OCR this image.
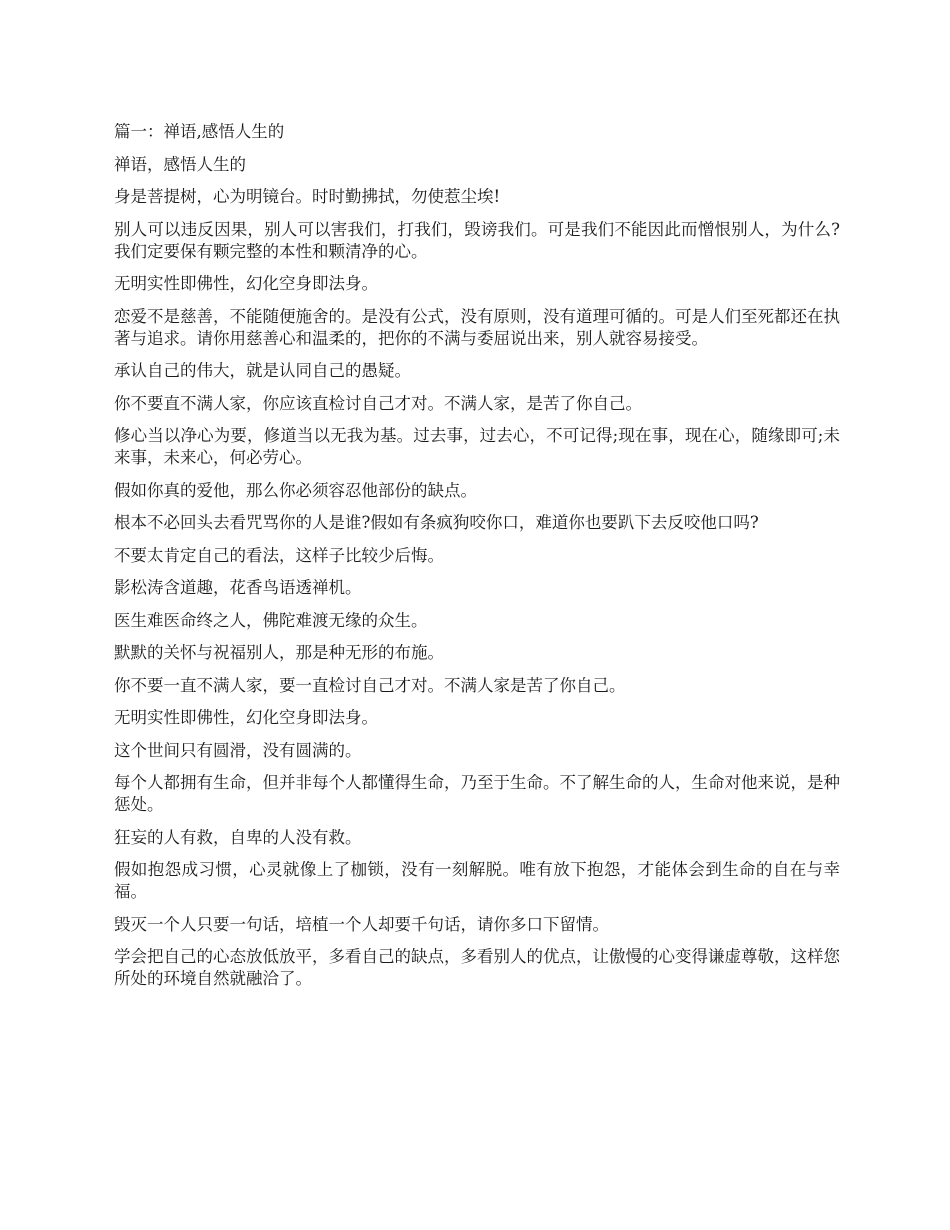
篇一：禅语,感悟人生的

禅语，感悟人生的

身是菩提树，心为明镜台。时时勤拂拭，勿使惹尘埃!

别人可以违反因果，别人可以害我们，打我们，毁谤我们。可是我们不能因此而憎恨别人，为什么?我们定要保有颗完整的本性和颗清净的心。

无明实性即佛性，幻化空身即法身。

恋爱不是慈善，不能随便施舍的。是没有公式，没有原则，没有道理可循的。可是人们至死都还在执著与追求。请你用慈善心和温柔的，把你的不满与委屈说出来，别人就容易接受。

承认自己的伟大，就是认同自己的愚疑。

你不要直不满人家，你应该直检讨自己才对。不满人家，是苦了你自己。

修心当以净心为要，修道当以无我为基。过去事，过去心，不可记得;现在事，现在心，随缘即可;未来事，未来心，何必劳心。

假如你真的爱他，那么你必须容忍他部份的缺点。

根本不必回头去看咒骂你的人是谁?假如有条疯狗咬你口，难道你也要趴下去反咬他口吗?

不要太肯定自己的看法，这样子比较少后悔。

影松涛含道趣，花香鸟语透禅机。

医生难医命终之人，佛陀难渡无缘的众生。

默默的关怀与祝福别人，那是种无形的布施。

你不要一直不满人家，要一直检讨自己才对。不满人家是苦了你自己。

无明实性即佛性，幻化空身即法身。

这个世间只有圆滑，没有圆满的。

每个人都拥有生命，但并非每个人都懂得生命，乃至于生命。不了解生命的人，生命对他来说，是种惩处。

狂妄的人有救，自卑的人没有救。

假如抱怨成习惯，心灵就像上了枷锁，没有一刻解脱。唯有放下抱怨，才能体会到生命的自在与幸福。

毁灭一个人只要一句话，培植一个人却要千句话，请你多口下留情。

学会把自己的心态放低放平，多看自己的缺点，多看别人的优点，让傲慢的心变得谦虚尊敬，这样您所处的环境自然就融洽了。
